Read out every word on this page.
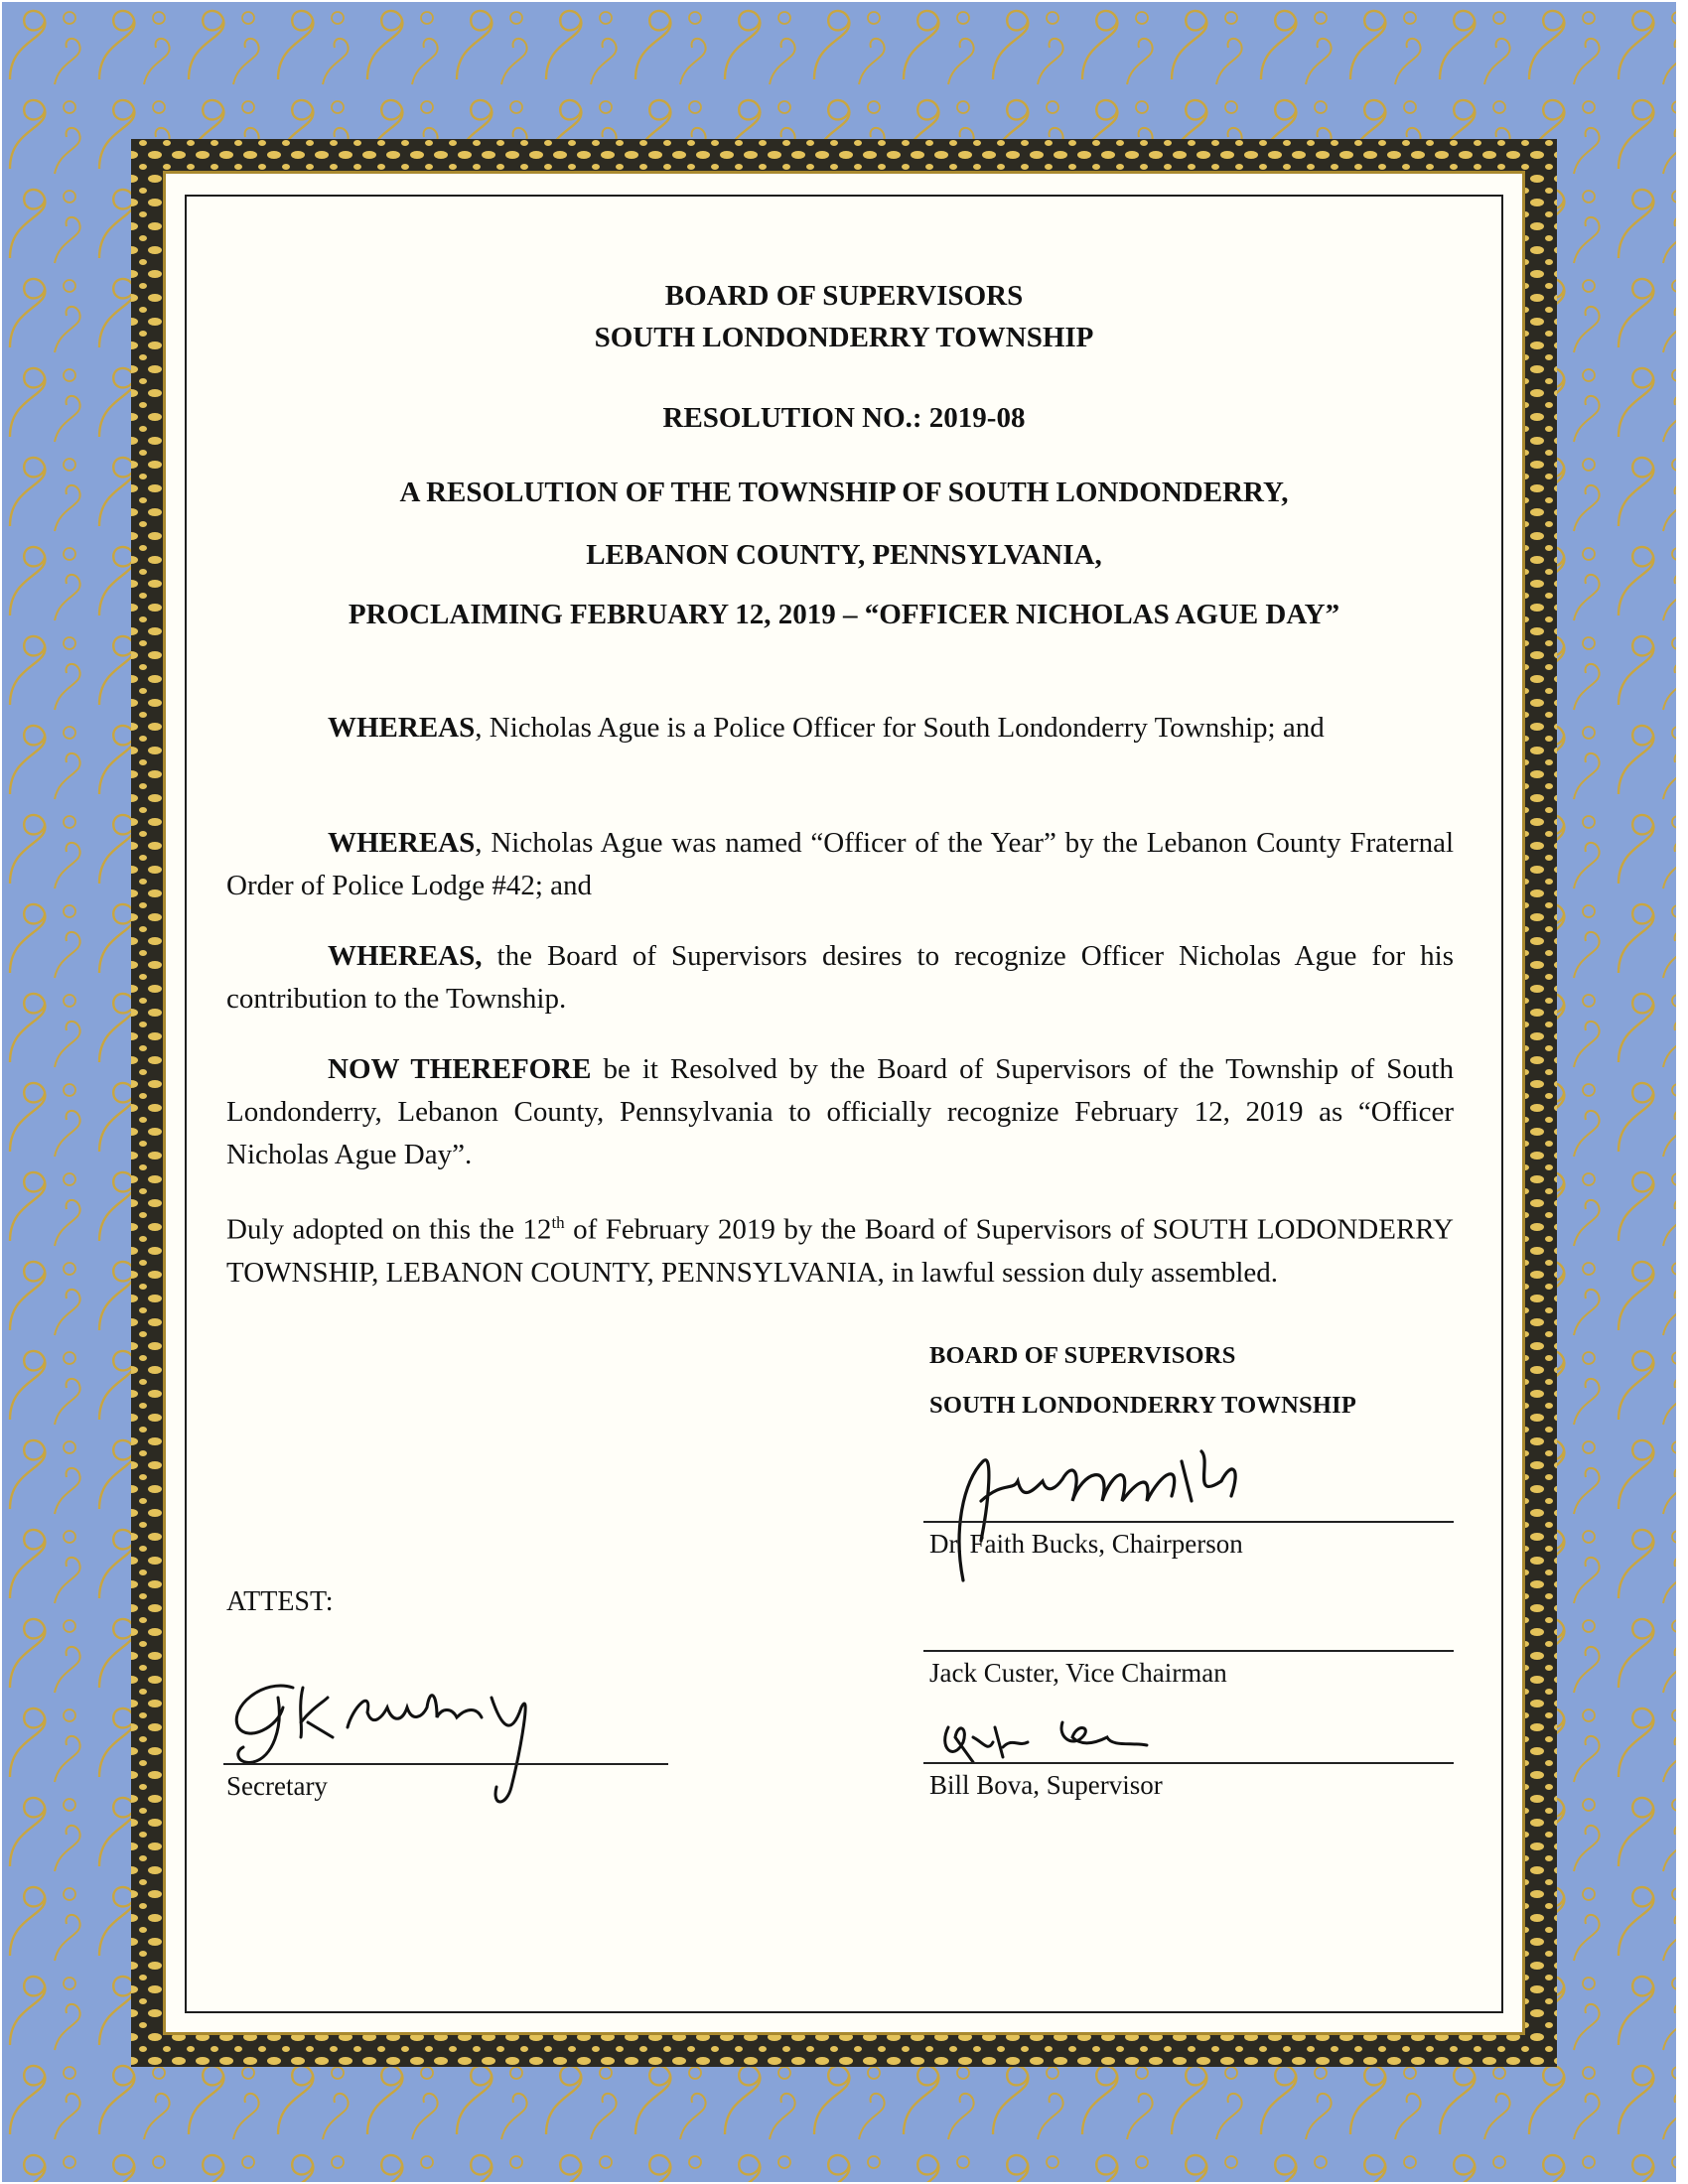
BOARD OF SUPERVISORS
SOUTH LONDONDERRY TOWNSHIP
RESOLUTION NO.: 2019-08
A RESOLUTION OF THE TOWNSHIP OF SOUTH LONDONDERRY,
LEBANON COUNTY, PENNSYLVANIA,
PROCLAIMING FEBRUARY 12, 2019 – “OFFICER NICHOLAS AGUE DAY”
WHEREAS, Nicholas Ague is a Police Officer for South Londonderry Township; and
WHEREAS, Nicholas Ague was named “Officer of the Year” by the Lebanon County Fraternal Order of Police Lodge #42; and
WHEREAS, the Board of Supervisors desires to recognize Officer Nicholas Ague for his contribution to the Township.
NOW THEREFORE be it Resolved by the Board of Supervisors of the Township of South Londonderry, Lebanon County, Pennsylvania to officially recognize February 12, 2019 as “Officer Nicholas Ague Day”.
Duly adopted on this the 12th of February 2019 by the Board of Supervisors of SOUTH LODONDERRY TOWNSHIP, LEBANON COUNTY, PENNSYLVANIA, in lawful session duly assembled.
BOARD OF SUPERVISORS
SOUTH LONDONDERRY TOWNSHIP
Dr. Faith Bucks, Chairperson
Jack Custer, Vice Chairman
Bill Bova, Supervisor
ATTEST:
Secretary
